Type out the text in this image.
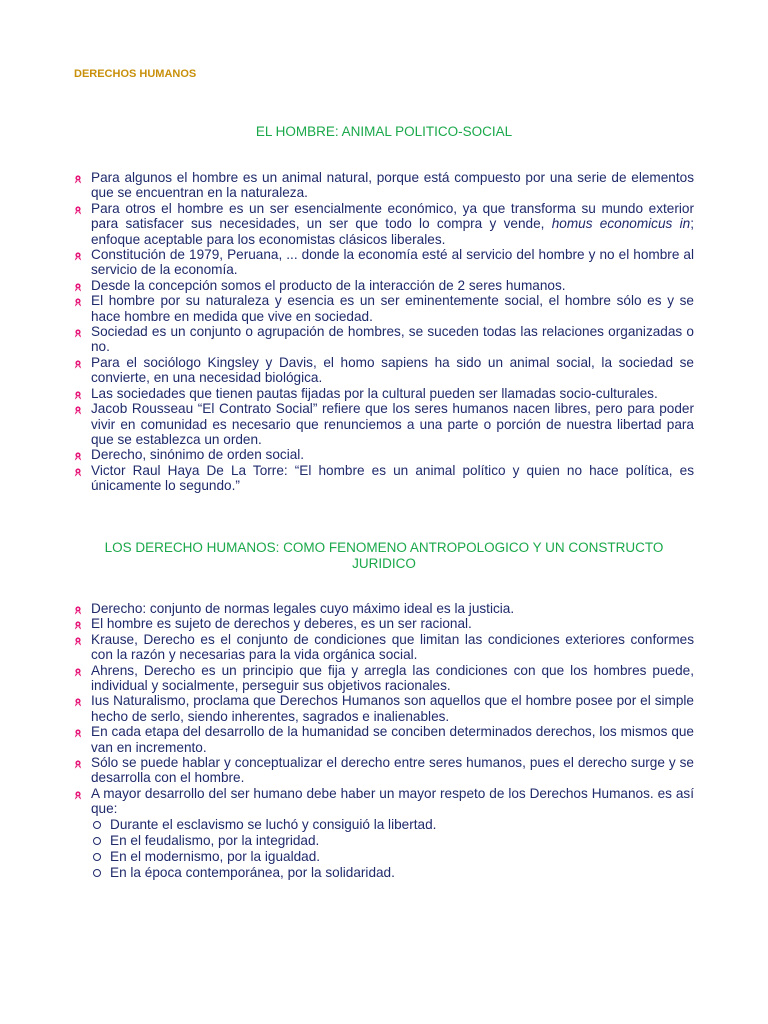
DERECHOS HUMANOS
EL HOMBRE: ANIMAL POLITICO-SOCIAL
Para algunos el hombre es un animal natural, porque está compuesto por una serie de elementos que se encuentran en la naturaleza.
Para otros el hombre es un ser esencialmente económico, ya que transforma su mundo exterior para satisfacer sus necesidades, un ser que todo lo compra y vende, homus economicus in; enfoque aceptable para los economistas clásicos liberales.
Constitución de 1979, Peruana, ... donde la economía esté al servicio del hombre y no el hombre al servicio de la economía.
Desde la concepción somos el producto de la interacción de 2 seres humanos.
El hombre por su naturaleza y esencia es un ser eminentemente social, el hombre sólo es y se hace hombre en medida que vive en sociedad.
Sociedad es un conjunto o agrupación de hombres, se suceden todas las relaciones organizadas o no.
Para el sociólogo Kingsley y Davis, el homo sapiens ha sido un animal social, la sociedad se convierte, en una necesidad biológica.
Las sociedades que tienen pautas fijadas por la cultural pueden ser llamadas socio-culturales.
Jacob Rousseau “El Contrato Social” refiere que los seres humanos nacen libres, pero para poder vivir en comunidad es necesario que renunciemos a una parte o porción de nuestra libertad para que se establezca un orden.
Derecho, sinónimo de orden social.
Victor Raul Haya De La Torre: “El hombre es un animal político y quien no hace política, es únicamente lo segundo.”
LOS DERECHO HUMANOS: COMO FENOMENO ANTROPOLOGICO Y UN CONSTRUCTO JURIDICO
Derecho: conjunto de normas legales cuyo máximo ideal es la justicia.
El hombre es sujeto de derechos y deberes, es un ser racional.
Krause, Derecho es el conjunto de condiciones que limitan las condiciones exteriores conformes con la razón y necesarias para la vida orgánica social.
Ahrens, Derecho es un principio que fija y arregla las condiciones con que los hombres puede, individual y socialmente, perseguir sus objetivos racionales.
Ius Naturalismo, proclama que Derechos Humanos son aquellos que el hombre posee por el simple hecho de serlo, siendo inherentes, sagrados e inalienables.
En cada etapa del desarrollo de la humanidad se conciben determinados derechos, los mismos que van en incremento.
Sólo se puede hablar y conceptualizar el derecho entre seres humanos, pues el derecho surge y se desarrolla con el hombre.
A mayor desarrollo del ser humano debe haber un mayor respeto de los Derechos Humanos. es así que:
Durante el esclavismo se luchó y consiguió la libertad.
En el feudalismo, por la integridad.
En el modernismo, por la igualdad.
En la época contemporánea, por la solidaridad.
